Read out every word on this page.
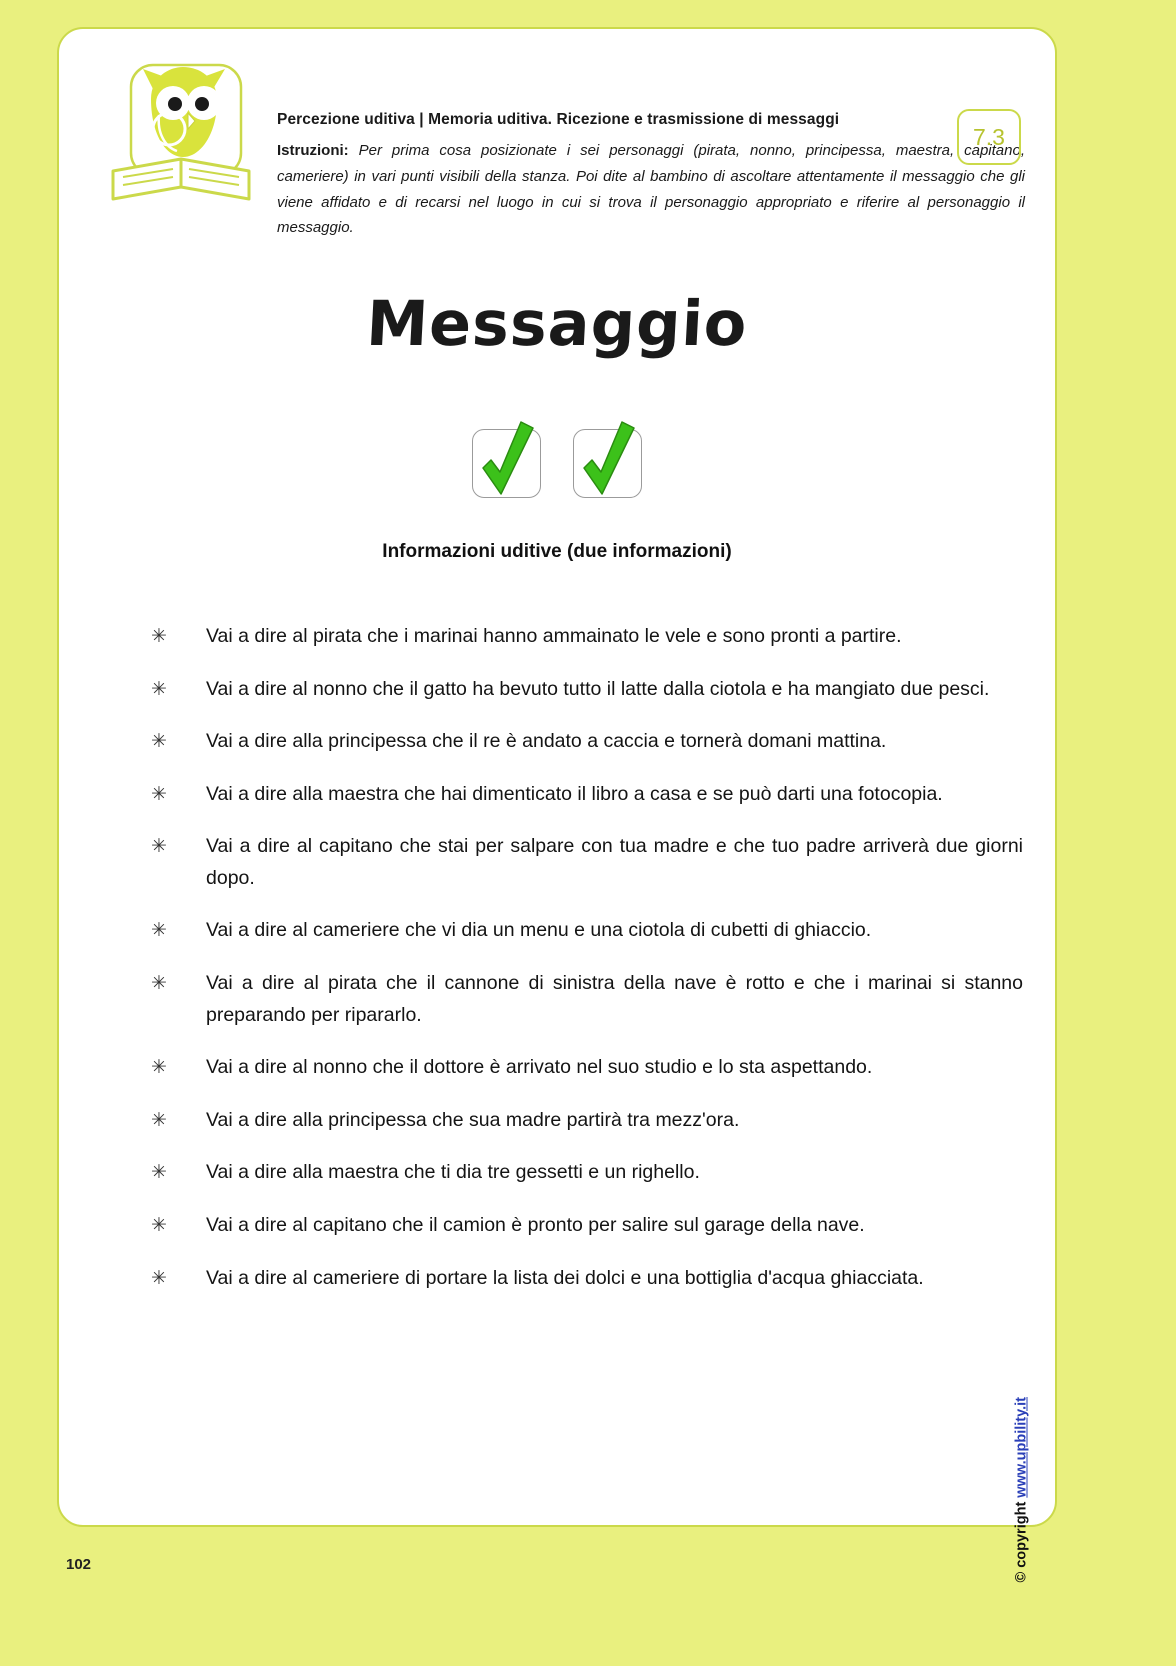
Percezione uditiva | Memoria uditiva. Ricezione e trasmissione di messaggi
Istruzioni: Per prima cosa posizionate i sei personaggi (pirata, nonno, principessa, maestra, capitano, cameriere) in vari punti visibili della stanza. Poi dite al bambino di ascoltare attentamente il messaggio che gli viene affidato e di recarsi nel luogo in cui si trova il personaggio appropriato e riferire al personaggio il messaggio.
7.3
Messaggio
Informazioni uditive (due informazioni)
✳	Vai a dire al pirata che i marinai hanno ammainato le vele e sono pronti a partire.
✳	Vai a dire al nonno che il gatto ha bevuto tutto il latte dalla ciotola e ha mangiato due pesci.
✳	Vai a dire alla principessa che il re è andato a caccia e tornerà domani mattina.
✳	Vai a dire alla maestra che hai dimenticato il libro a casa e se può darti una fotocopia.
✳	Vai a dire al capitano che stai per salpare con tua madre e che tuo padre arriverà due giorni dopo.
✳	Vai a dire al cameriere che vi dia un menu e una ciotola di cubetti di ghiaccio.
✳	Vai a dire al pirata che il cannone di sinistra della nave è rotto e che i marinai si stanno preparando per ripararlo.
✳	Vai a dire al nonno che il dottore è arrivato nel suo studio e lo sta aspettando.
✳	Vai a dire alla principessa che sua madre partirà tra mezz'ora.
✳	Vai a dire alla maestra che ti dia tre gessetti e un righello.
✳	Vai a dire al capitano che il camion è pronto per salire sul garage della nave.
✳	Vai a dire al cameriere di portare la lista dei dolci e una bottiglia d'acqua ghiacciata.
© copyright www.upbility.it
102
